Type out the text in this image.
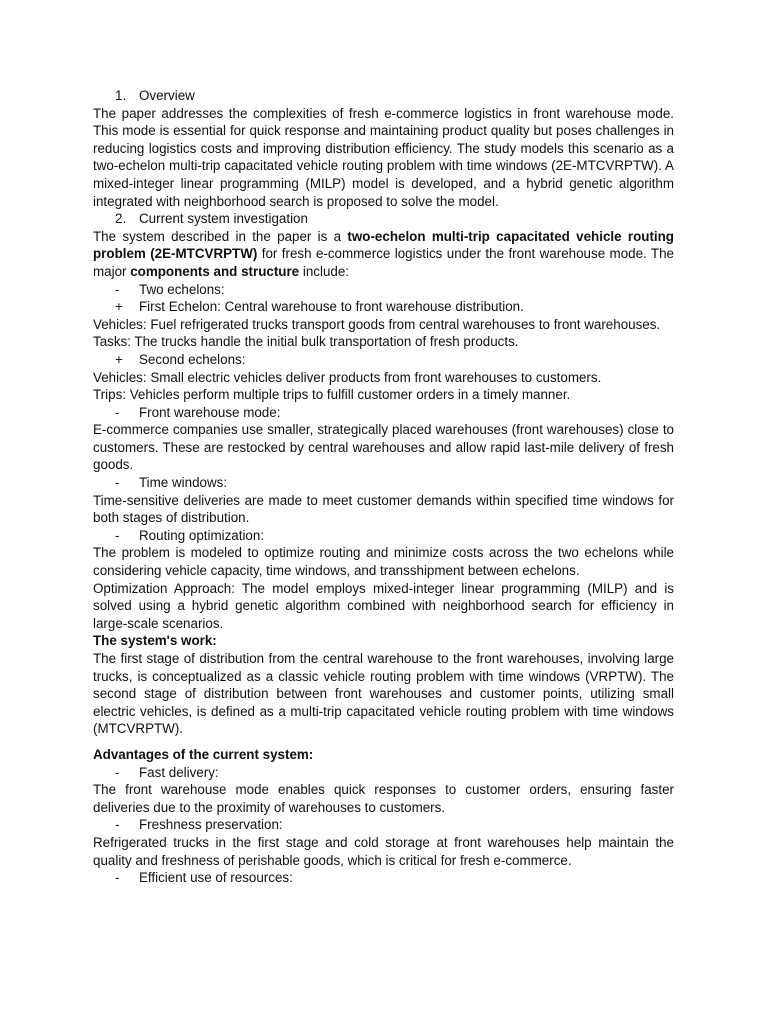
1. Overview

The paper addresses the complexities of fresh e-commerce logistics in front warehouse mode. This mode is essential for quick response and maintaining product quality but poses challenges in reducing logistics costs and improving distribution efficiency. The study models this scenario as a two-echelon multi-trip capacitated vehicle routing problem with time windows (2E-MTCVRPTW). A mixed-integer linear programming (MILP) model is developed, and a hybrid genetic algorithm integrated with neighborhood search is proposed to solve the model.

2. Current system investigation

The system described in the paper is a two-echelon multi-trip capacitated vehicle routing problem (2E-MTCVRPTW) for fresh e-commerce logistics under the front warehouse mode. The major components and structure include:

-	Two echelons:
+	First Echelon: Central warehouse to front warehouse distribution.

Vehicles: Fuel refrigerated trucks transport goods from central warehouses to front warehouses.

Tasks: The trucks handle the initial bulk transportation of fresh products.

+	Second echelons:

Vehicles: Small electric vehicles deliver products from front warehouses to customers.

Trips: Vehicles perform multiple trips to fulfill customer orders in a timely manner.

-	Front warehouse mode:

E-commerce companies use smaller, strategically placed warehouses (front warehouses) close to customers. These are restocked by central warehouses and allow rapid last-mile delivery of fresh goods.

-	Time windows:

Time-sensitive deliveries are made to meet customer demands within specified time windows for both stages of distribution.

-	Routing optimization:

The problem is modeled to optimize routing and minimize costs across the two echelons while considering vehicle capacity, time windows, and transshipment between echelons.

Optimization Approach: The model employs mixed-integer linear programming (MILP) and is solved using a hybrid genetic algorithm combined with neighborhood search for efficiency in large-scale scenarios.

The system's work:

The first stage of distribution from the central warehouse to the front warehouses, involving large trucks, is conceptualized as a classic vehicle routing problem with time windows (VRPTW). The second stage of distribution between front warehouses and customer points, utilizing small electric vehicles, is defined as a multi-trip capacitated vehicle routing problem with time windows (MTCVRPTW).

Advantages of the current system:

-	Fast delivery:

The front warehouse mode enables quick responses to customer orders, ensuring faster deliveries due to the proximity of warehouses to customers.

-	Freshness preservation:

Refrigerated trucks in the first stage and cold storage at front warehouses help maintain the quality and freshness of perishable goods, which is critical for fresh e-commerce.

-	Efficient use of resources:
